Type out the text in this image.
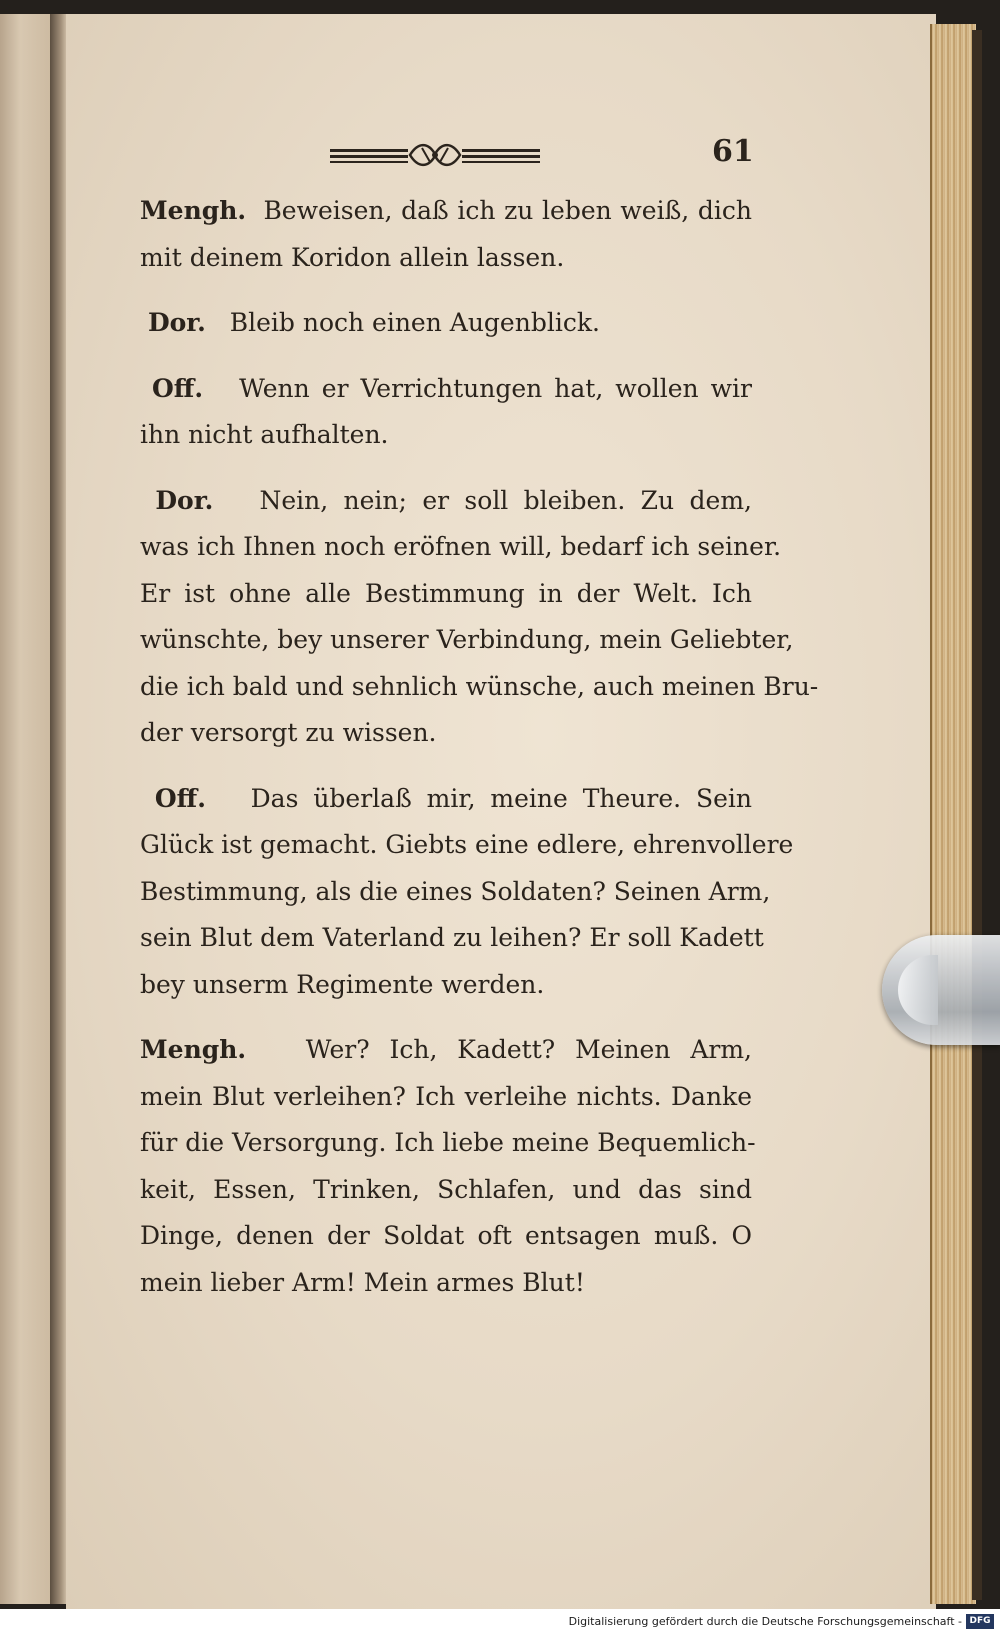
61
Mengh. Beweisen, daß ich zu leben weiß, dich
mit deinem Koridon allein lassen.
Dor. Bleib noch einen Augenblick.
Off. Wenn er Verrichtungen hat, wollen wir
ihn nicht aufhalten.
Dor. Nein, nein; er soll bleiben. Zu dem,
was ich Ihnen noch eröfnen will, bedarf ich seiner.
Er ist ohne alle Bestimmung in der Welt. Ich
wünschte, bey unserer Verbindung, mein Geliebter,
die ich bald und sehnlich wünsche, auch meinen Bru-
der versorgt zu wissen.
Off. Das überlaß mir, meine Theure. Sein
Glück ist gemacht. Giebts eine edlere, ehrenvollere
Bestimmung, als die eines Soldaten? Seinen Arm,
sein Blut dem Vaterland zu leihen? Er soll Kadett
bey unserm Regimente werden.
Mengh. Wer? Ich, Kadett? Meinen Arm,
mein Blut verleihen? Ich verleihe nichts. Danke
für die Versorgung. Ich liebe meine Bequemlich-
keit, Essen, Trinken, Schlafen, und das sind
Dinge, denen der Soldat oft entsagen muß. O
mein lieber Arm! Mein armes Blut!
Digitalisierung gefördert durch die Deutsche Forschungsgemeinschaft - DFG
